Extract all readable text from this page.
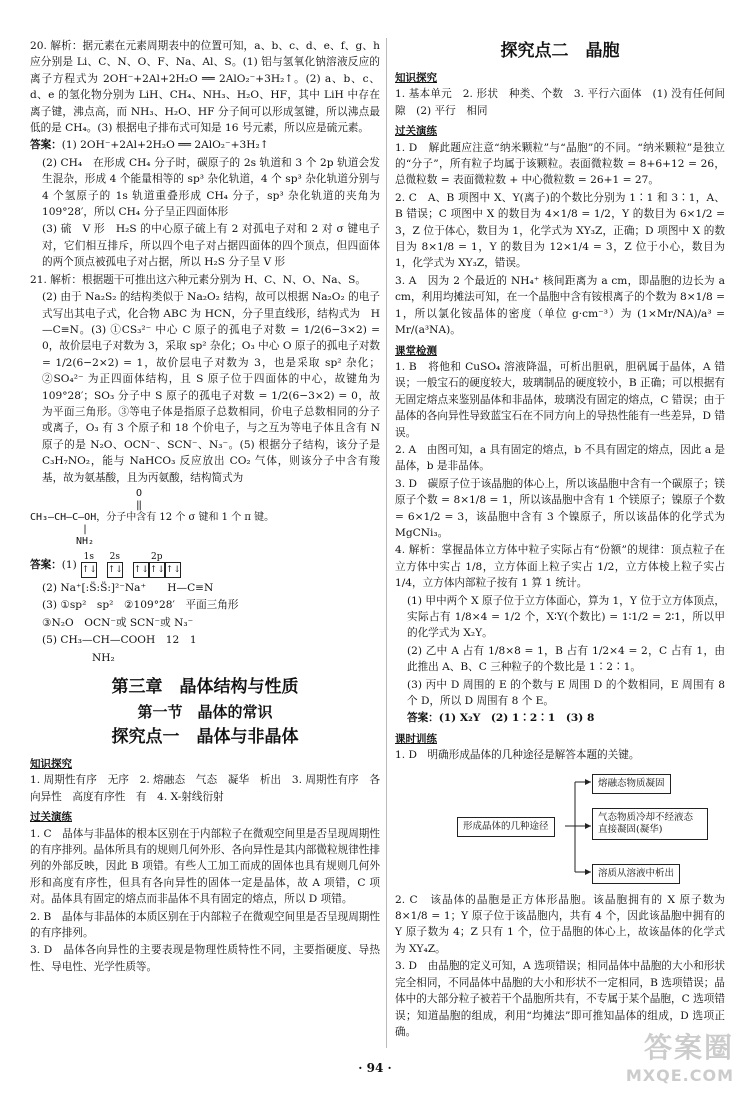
20. 解析：据元素在元素周期表中的位置可知，a、b、c、d、e、f、g、h 应分别是 Li、C、N、O、F、Na、Al、S。(1) 铝与氢氧化钠溶液反应的离子方程式为 2OH⁻+2Al+2H₂O ══ 2AlO₂⁻+3H₂↑。(2) a、b、c、d、e 的氢化物分别为 LiH、CH₄、NH₃、H₂O、HF，其中 LiH 中存在离子键，沸点高，而 NH₃、H₂O、HF 分子间可以形成氢键，所以沸点最低的是 CH₄。(3) 根据电子排布式可知是 16 号元素，所以应是硫元素。

答案：(1) 2OH⁻+2Al+2H₂O ══ 2AlO₂⁻+3H₂↑

(2) CH₄　在形成 CH₄ 分子时，碳原子的 2s 轨道和 3 个 2p 轨道会发生混杂，形成 4 个能量相等的 sp³ 杂化轨道，4 个 sp³ 杂化轨道分别与 4 个氢原子的 1s 轨道重叠形成 CH₄ 分子，sp³ 杂化轨道的夹角为 109°28′，所以 CH₄ 分子呈正四面体形

(3) 硫　V 形　H₂S 的中心原子硫上有 2 对孤电子对和 2 对 σ 键电子对，它们相互排斥，所以四个电子对占据四面体的四个顶点，但四面体的两个顶点被孤电子对占据，所以 H₂S 分子呈 V 形

21. 解析：根据题干可推出这六种元素分别为 H、C、N、O、Na、S。

(2) 由于 Na₂S₂ 的结构类似于 Na₂O₂ 结构，故可以根据 Na₂O₂ 的电子式写出其电子式，化合物 ABC 为 HCN，分子里直线形，结构式为　H—C≡N。(3) ①CS₃²⁻ 中心 C 原子的孤电子对数 = 1/2(6−3×2) = 0，故价层电子对数为 3，采取 sp² 杂化；O₃ 中心 O 原子的孤电子对数 = 1/2(6−2×2) = 1，故价层电子对数为 3，也是采取 sp² 杂化；②SO₄²⁻ 为正四面体结构，且 S 原子位于四面体的中心，故键角为 109°28′；SO₃ 分子中 S 原子的孤电子对数 = 1/2(6−3×2) = 0，故为平面三角形。③等电子体是指原子总数相同，价电子总数相同的分子或离子，O₃ 有 3 个原子和 18 个价电子，与之互为等电子体且含有 N 原子的是 N₂O、OCN⁻、SCN⁻、N₃⁻。(5) 根据分子结构，该分子是 C₃H₇NO₂，能与 NaHCO₃ 反应放出 CO₂ 气体，则该分子中含有羧基，故为氨基酸，且为丙氨酸，结构简式为

O
‖
CH₃—CH—C—OH，分子中含有 12 个 σ 键和 1 个 π 键。
|
NH₂
答案： (1)
1s
↑↓
2s
↑↓
2p
↑↓ ↑↓ ↑↓

(2) Na⁺[:S̈:S̈:]²⁻Na⁺　　H—C≡N

(3) ①sp²　sp²　②109°28′　平面三角形

③N₂O　OCN⁻或 SCN⁻或 N₃⁻

(5) CH₃—CH—COOH　12　1

NH₂

第三章　晶体结构与性质
第一节　晶体的常识
探究点一　晶体与非晶体
知识探究

1. 周期性有序　无序　2. 熔融态　气态　凝华　析出　3. 周期性有序　各向异性　高度有序性　有　4. X-射线衍射

过关演练

1. C　晶体与非晶体的根本区别在于内部粒子在微观空间里是否呈现周期性的有序排列。晶体所具有的规则几何外形、各向异性是其内部微粒规律性排列的外部反映，因此 B 项错。有些人工加工而成的固体也具有规则几何外形和高度有序性，但具有各向异性的固体一定是晶体，故 A 项错，C 项对。晶体具有固定的熔点而非晶体不具有固定的熔点，所以 D 项错。

2. B　晶体与非晶体的本质区别在于内部粒子在微观空间里是否呈现周期性的有序排列。

3. D　晶体各向异性的主要表现是物理性质特性不同，主要指硬度、导热性、导电性、光学性质等。

探究点二　晶胞
知识探究

1. 基本单元　2. 形状　种类、个数　3. 平行六面体　(1) 没有任何间隙　(2) 平行　相同

过关演练

1. D　解此题应注意“纳米颗粒”与“晶胞”的不同。“纳米颗粒”是独立的“分子”，所有粒子均属于该颗粒。表面微粒数 = 8+6+12 = 26，总微粒数 = 表面微粒数 + 中心微粒数 = 26+1 = 27。

2. C　A、B 项图中 X、Y(离子)的个数比分别为 1∶1 和 3∶1，A、B 错误；C 项图中 X 的数目为 4×1/8 = 1/2，Y 的数目为 6×1/2 = 3，Z 位于体心，数目为 1，化学式为 XY₃Z，正确；D 项图中 X 的数目为 8×1/8 = 1，Y 的数目为 12×1/4 = 3，Z 位于小心，数目为 1，化学式为 XY₃Z，错误。

3. A　因为 2 个最近的 NH₄⁺ 核间距离为 a cm，即晶胞的边长为 a cm，利用均摊法可知，在一个晶胞中含有铵根离子的个数为 8×1/8 = 1，所以氯化铵晶体的密度（单位 g·cm⁻³）为 (1×Mr/NA)/a³ = Mr/(a³NA)。

课堂检测

1. B　将他和 CuSO₄ 溶液降温，可析出胆矾，胆矾属于晶体，A 错误；一般宝石的硬度较大，玻璃制品的硬度较小，B 正确；可以根据有无固定熔点来鉴别晶体和非晶体，玻璃没有固定的熔点，C 错误；由于晶体的各向异性导致蓝宝石在不同方向上的导热性能有一些差异，D 错误。

2. A　由图可知，a 具有固定的熔点，b 不具有固定的熔点，因此 a 是晶体，b 是非晶体。

3. D　碳原子位于该晶胞的体心上，所以该晶胞中含有一个碳原子；镁原子个数 = 8×1/8 = 1，所以该晶胞中含有 1 个镁原子；镍原子个数 = 6×1/2 = 3，该晶胞中含有 3 个镍原子，所以该晶体的化学式为 MgCNi₃。

4. 解析：掌握晶体立方体中粒子实际占有“份额”的规律：顶点粒子在立方体中实占 1/8，立方体面上粒子实占 1/2，立方体棱上粒子实占 1/4，立方体内部粒子按有 1 算 1 统计。

(1) 甲中两个 X 原子位于立方体面心，算为 1，Y 位于立方体顶点，实际占有 1/8×4 = 1/2 个，X∶Y(个数比) = 1∶1/2 = 2∶1，所以甲的化学式为 X₂Y。

(2) 乙中 A 占有 1/8×8 = 1，B 占有 1/2×4 = 2，C 占有 1，由此推出 A、B、C 三种粒子的个数比是 1∶2∶1。

(3) 丙中 D 周围的 E 的个数与 E 周围 D 的个数相同，E 周围有 8 个 D，所以 D 周围有 8 个 E。

答案：(1) X₂Y　(2) 1∶2∶1　(3) 8

课时训练

1. D　明确形成晶体的几种途径是解答本题的关键。

形成晶体的几种途径
熔融态物质凝固
气态物质冷却不经液态直接凝固(凝华)
溶质从溶液中析出

2. C　该晶体的晶胞是正方体形晶胞。该晶胞拥有的 X 原子数为 8×1/8 = 1；Y 原子位于该晶胞内，共有 4 个，因此该晶胞中拥有的 Y 原子数为 4；Z 只有 1 个，位于晶胞的体心上，故该晶体的化学式为 XY₄Z。

3. D　由晶胞的定义可知，A 选项错误；相同晶体中晶胞的大小和形状完全相同，不同晶体中晶胞的大小和形状不一定相同，B 选项错误；晶体中的大部分粒子被若干个晶胞所共有，不专属于某个晶胞，C 选项错误；知道晶胞的组成，利用“均摊法”即可推知晶体的组成，D 选项正确。

· 94 ·
答案圈
MXQE.COM
